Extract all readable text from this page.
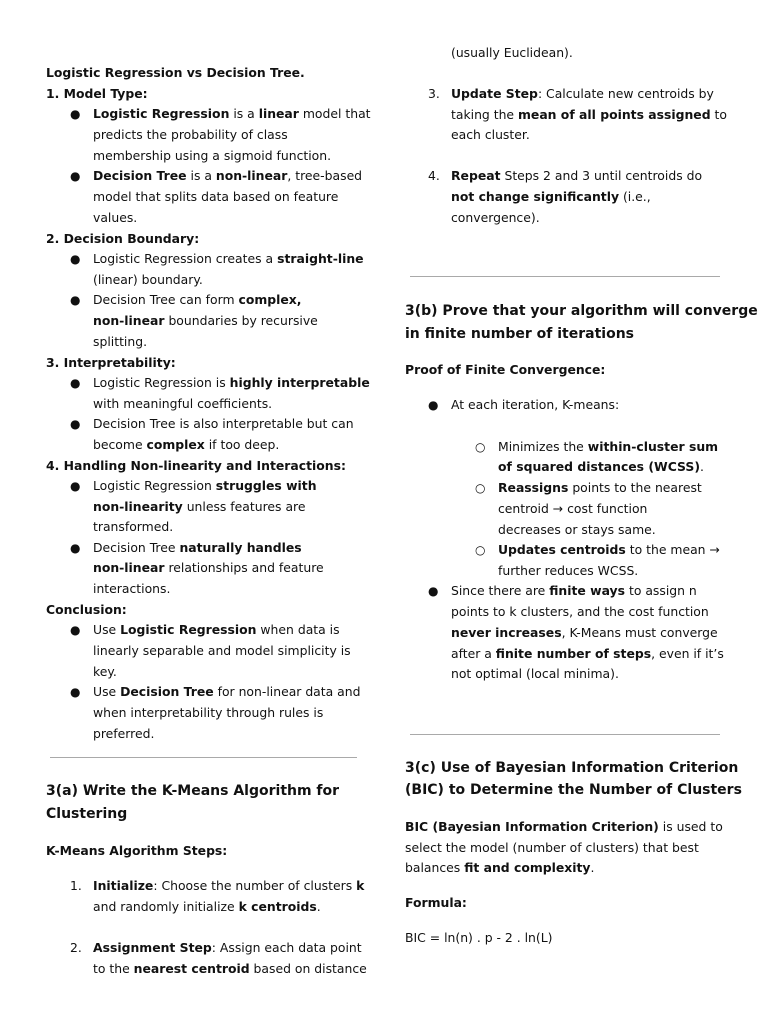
Logistic Regression vs Decision Tree.
1. Model Type:
● Logistic Regression is a linear model that
predicts the probability of class
membership using a sigmoid function.
● Decision Tree is a non-linear, tree-based
model that splits data based on feature
values.
2. Decision Boundary:
● Logistic Regression creates a straight-line
(linear) boundary.
● Decision Tree can form complex,
non-linear boundaries by recursive
splitting.
3. Interpretability:
● Logistic Regression is highly interpretable
with meaningful coefficients.
● Decision Tree is also interpretable but can
become complex if too deep.
4. Handling Non-linearity and Interactions:
● Logistic Regression struggles with
non-linearity unless features are
transformed.
● Decision Tree naturally handles
non-linear relationships and feature
interactions.
Conclusion:
● Use Logistic Regression when data is
linearly separable and model simplicity is
key.
● Use Decision Tree for non-linear data and
when interpretability through rules is
preferred.
3(a) Write the K-Means Algorithm for
Clustering
K-Means Algorithm Steps:
1. Initialize: Choose the number of clusters k
and randomly initialize k centroids.
2. Assignment Step: Assign each data point
to the nearest centroid based on distance
(usually Euclidean).
3. Update Step: Calculate new centroids by
taking the mean of all points assigned to
each cluster.
4. Repeat Steps 2 and 3 until centroids do
not change significantly (i.e.,
convergence).
3(b) Prove that your algorithm will converge
in finite number of iterations
Proof of Finite Convergence:
● At each iteration, K-means:
○ Minimizes the within-cluster sum
of squared distances (WCSS).
○ Reassigns points to the nearest
centroid → cost function
decreases or stays same.
○ Updates centroids to the mean →
further reduces WCSS.
● Since there are finite ways to assign n
points to k clusters, and the cost function
never increases, K-Means must converge
after a finite number of steps, even if it’s
not optimal (local minima).
3(c) Use of Bayesian Information Criterion
(BIC) to Determine the Number of Clusters
BIC (Bayesian Information Criterion) is used to
select the model (number of clusters) that best
balances fit and complexity.
Formula:
BIC = ln(n) . p - 2 . ln(L)
